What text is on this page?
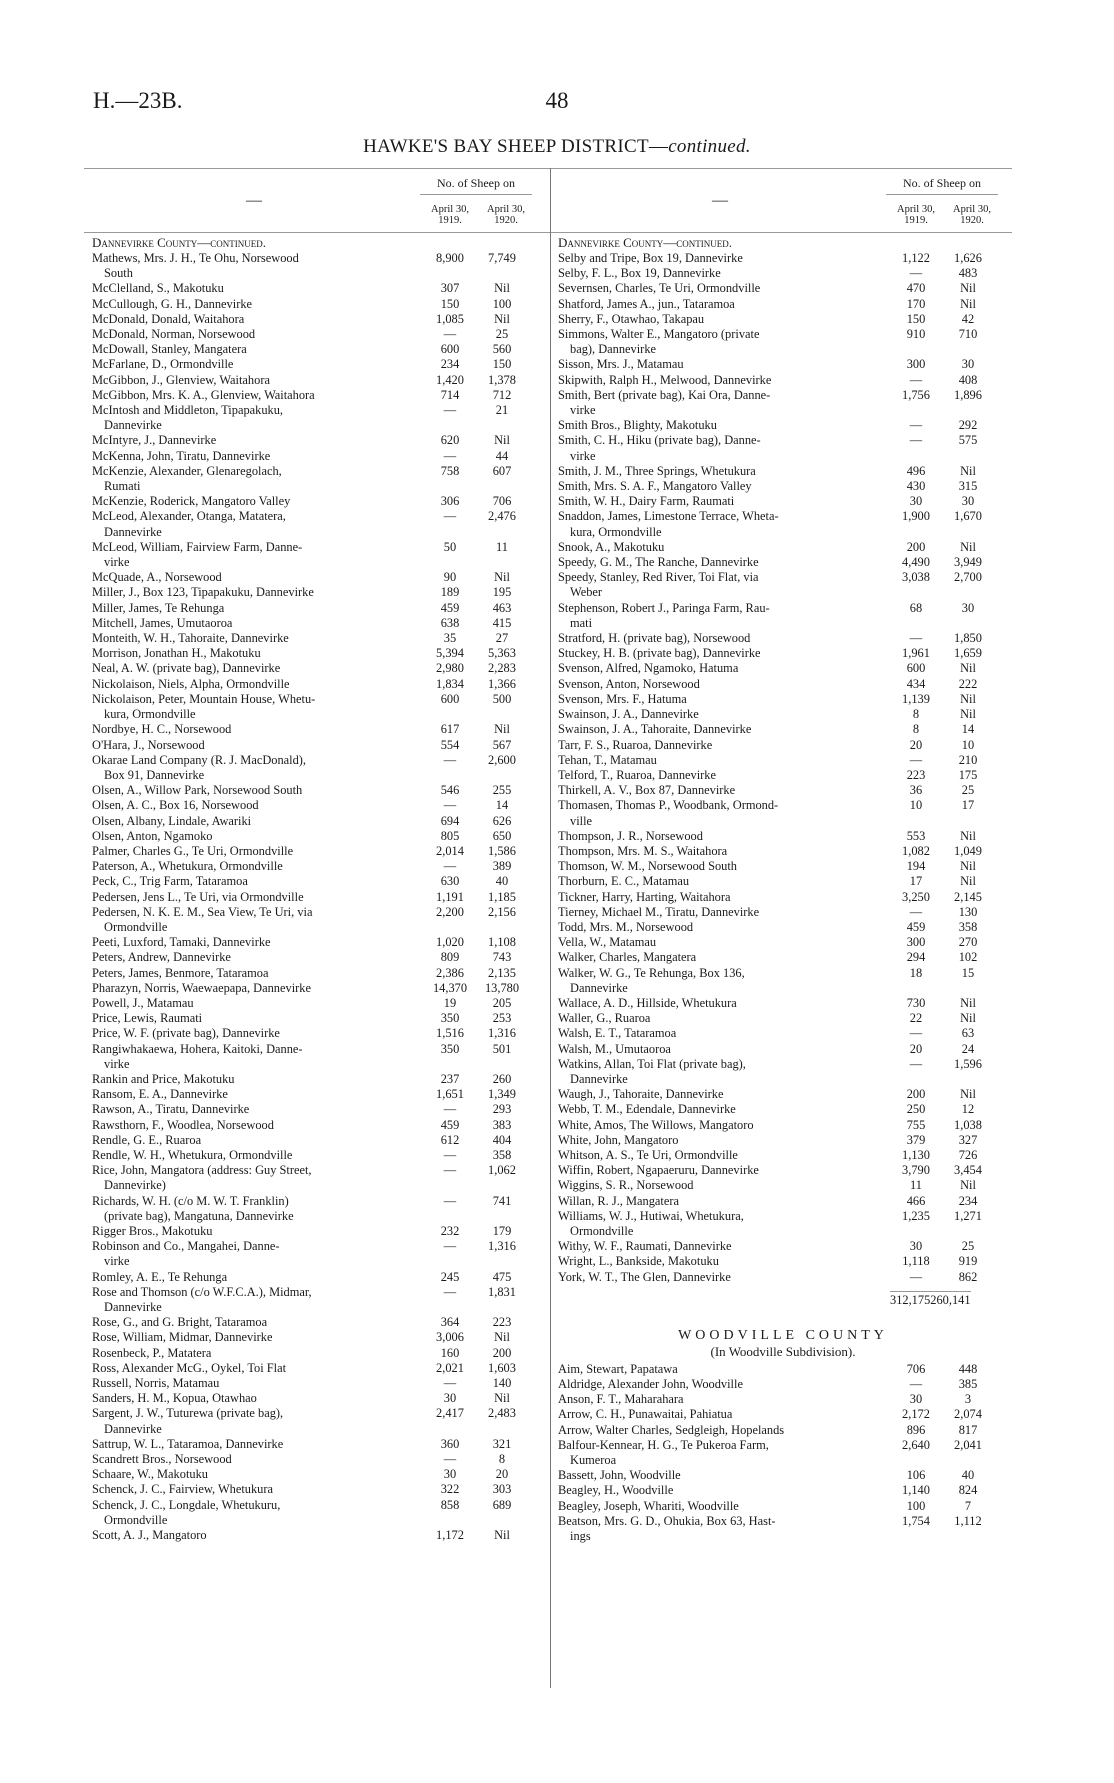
H.—23B.	48
HAWKE'S BAY SHEEP DISTRICT—continued.
—
No. of Sheep on
April 30,
1919.
April 30,
1920.
Dannevirke County—continued.
Mathews, Mrs. J. H., Te Ohu, Norsewood	8,900	7,749
South
McClelland, S., Makotuku	307	Nil
McCullough, G. H., Dannevirke	150	100
McDonald, Donald, Waitahora	1,085	Nil
McDonald, Norman, Norsewood	—	25
McDowall, Stanley, Mangatera	600	560
McFarlane, D., Ormondville	234	150
McGibbon, J., Glenview, Waitahora	1,420	1,378
McGibbon, Mrs. K. A., Glenview, Waitahora	714	712
McIntosh and Middleton, Tipapakuku,	—	21
Dannevirke
McIntyre, J., Dannevirke	620	Nil
McKenna, John, Tiratu, Dannevirke	—	44
McKenzie, Alexander, Glenaregolach,	758	607
Rumati
McKenzie, Roderick, Mangatoro Valley	306	706
McLeod, Alexander, Otanga, Matatera,	—	2,476
Dannevirke
McLeod, William, Fairview Farm, Danne-	50	11
virke
McQuade, A., Norsewood	90	Nil
Miller, J., Box 123, Tipapakuku, Dannevirke	189	195
Miller, James, Te Rehunga	459	463
Mitchell, James, Umutaoroa	638	415
Monteith, W. H., Tahoraite, Dannevirke	35	27
Morrison, Jonathan H., Makotuku	5,394	5,363
Neal, A. W. (private bag), Dannevirke	2,980	2,283
Nickolaison, Niels, Alpha, Ormondville	1,834	1,366
Nickolaison, Peter, Mountain House, Whetu-	600	500
kura, Ormondville
Nordbye, H. C., Norsewood	617	Nil
O'Hara, J., Norsewood	554	567
Okarae Land Company (R. J. MacDonald),	—	2,600
Box 91, Dannevirke
Olsen, A., Willow Park, Norsewood South	546	255
Olsen, A. C., Box 16, Norsewood	—	14
Olsen, Albany, Lindale, Awariki	694	626
Olsen, Anton, Ngamoko	805	650
Palmer, Charles G., Te Uri, Ormondville	2,014	1,586
Paterson, A., Whetukura, Ormondville	—	389
Peck, C., Trig Farm, Tataramoa	630	40
Pedersen, Jens L., Te Uri, via Ormondville	1,191	1,185
Pedersen, N. K. E. M., Sea View, Te Uri, via	2,200	2,156
Ormondville
Peeti, Luxford, Tamaki, Dannevirke	1,020	1,108
Peters, Andrew, Dannevirke	809	743
Peters, James, Benmore, Tataramoa	2,386	2,135
Pharazyn, Norris, Waewaepapa, Dannevirke	14,370	13,780
Powell, J., Matamau	19	205
Price, Lewis, Raumati	350	253
Price, W. F. (private bag), Dannevirke	1,516	1,316
Rangiwhakaewa, Hohera, Kaitoki, Danne-	350	501
virke
Rankin and Price, Makotuku	237	260
Ransom, E. A., Dannevirke	1,651	1,349
Rawson, A., Tiratu, Dannevirke	—	293
Rawsthorn, F., Woodlea, Norsewood	459	383
Rendle, G. E., Ruaroa	612	404
Rendle, W. H., Whetukura, Ormondville	—	358
Rice, John, Mangatora (address: Guy Street,	—	1,062
Dannevirke)
Richards, W. H. (c/o M. W. T. Franklin)	—	741
(private bag), Mangatuna, Dannevirke
Rigger Bros., Makotuku	232	179
Robinson and Co., Mangahei, Danne-	—	1,316
virke
Romley, A. E., Te Rehunga	245	475
Rose and Thomson (c/o W.F.C.A.), Midmar,	—	1,831
Dannevirke
Rose, G., and G. Bright, Tataramoa	364	223
Rose, William, Midmar, Dannevirke	3,006	Nil
Rosenbeck, P., Matatera	160	200
Ross, Alexander McG., Oykel, Toi Flat	2,021	1,603
Russell, Norris, Matamau	—	140
Sanders, H. M., Kopua, Otawhao	30	Nil
Sargent, J. W., Tuturewa (private bag),	2,417	2,483
Dannevirke
Sattrup, W. L., Tataramoa, Dannevirke	360	321
Scandrett Bros., Norsewood	—	8
Schaare, W., Makotuku	30	20
Schenck, J. C., Fairview, Whetukura	322	303
Schenck, J. C., Longdale, Whetukuru,	858	689
Ormondville
Scott, A. J., Mangatoro	1,172	Nil
—
No. of Sheep on
April 30,
1919.
April 30,
1920.
Dannevirke County—continued.
Selby and Tripe, Box 19, Dannevirke	1,122	1,626
Selby, F. L., Box 19, Dannevirke	—	483
Severnsen, Charles, Te Uri, Ormondville	470	Nil
Shatford, James A., jun., Tataramoa	170	Nil
Sherry, F., Otawhao, Takapau	150	42
Simmons, Walter E., Mangatoro (private	910	710
bag), Dannevirke
Sisson, Mrs. J., Matamau	300	30
Skipwith, Ralph H., Melwood, Dannevirke	—	408
Smith, Bert (private bag), Kai Ora, Danne-	1,756	1,896
virke
Smith Bros., Blighty, Makotuku	—	292
Smith, C. H., Hiku (private bag), Danne-	—	575
virke
Smith, J. M., Three Springs, Whetukura	496	Nil
Smith, Mrs. S. A. F., Mangatoro Valley	430	315
Smith, W. H., Dairy Farm, Raumati	30	30
Snaddon, James, Limestone Terrace, Wheta-	1,900	1,670
kura, Ormondville
Snook, A., Makotuku	200	Nil
Speedy, G. M., The Ranche, Dannevirke	4,490	3,949
Speedy, Stanley, Red River, Toi Flat, via	3,038	2,700
Weber
Stephenson, Robert J., Paringa Farm, Rau-	68	30
mati
Stratford, H. (private bag), Norsewood	—	1,850
Stuckey, H. B. (private bag), Dannevirke	1,961	1,659
Svenson, Alfred, Ngamoko, Hatuma	600	Nil
Svenson, Anton, Norsewood	434	222
Svenson, Mrs. F., Hatuma	1,139	Nil
Swainson, J. A., Dannevirke	8	Nil
Swainson, J. A., Tahoraite, Dannevirke	8	14
Tarr, F. S., Ruaroa, Dannevirke	20	10
Tehan, T., Matamau	—	210
Telford, T., Ruaroa, Dannevirke	223	175
Thirkell, A. V., Box 87, Dannevirke	36	25
Thomasen, Thomas P., Woodbank, Ormond-	10	17
ville
Thompson, J. R., Norsewood	553	Nil
Thompson, Mrs. M. S., Waitahora	1,082	1,049
Thomson, W. M., Norsewood South	194	Nil
Thorburn, E. C., Matamau	17	Nil
Tickner, Harry, Harting, Waitahora	3,250	2,145
Tierney, Michael M., Tiratu, Dannevirke	—	130
Todd, Mrs. M., Norsewood	459	358
Vella, W., Matamau	300	270
Walker, Charles, Mangatera	294	102
Walker, W. G., Te Rehunga, Box 136,	18	15
Dannevirke
Wallace, A. D., Hillside, Whetukura	730	Nil
Waller, G., Ruaroa	22	Nil
Walsh, E. T., Tataramoa	—	63
Walsh, M., Umutaoroa	20	24
Watkins, Allan, Toi Flat (private bag),	—	1,596
Dannevirke
Waugh, J., Tahoraite, Dannevirke	200	Nil
Webb, T. M., Edendale, Dannevirke	250	12
White, Amos, The Willows, Mangatoro	755	1,038
White, John, Mangatoro	379	327
Whitson, A. S., Te Uri, Ormondville	1,130	726
Wiffin, Robert, Ngapaeruru, Dannevirke	3,790	3,454
Wiggins, S. R., Norsewood	11	Nil
Willan, R. J., Mangatera	466	234
Williams, W. J., Hutiwai, Whetukura,	1,235	1,271
Ormondville
Withy, W. F., Raumati, Dannevirke	30	25
Wright, L., Bankside, Makotuku	1,118	919
York, W. T., The Glen, Dannevirke	—	862
312,175 260,141
WOODVILLE COUNTY
(In Woodville Subdivision).
Aim, Stewart, Papatawa	706	448
Aldridge, Alexander John, Woodville	—	385
Anson, F. T., Maharahara	30	3
Arrow, C. H., Punawaitai, Pahiatua	2,172	2,074
Arrow, Walter Charles, Sedgleigh, Hopelands	896	817
Balfour-Kennear, H. G., Te Pukeroa Farm,	2,640	2,041
Kumeroa
Bassett, John, Woodville	106	40
Beagley, H., Woodville	1,140	824
Beagley, Joseph, Whariti, Woodville	100	7
Beatson, Mrs. G. D., Ohukia, Box 63, Hast-	1,754	1,112
ings
